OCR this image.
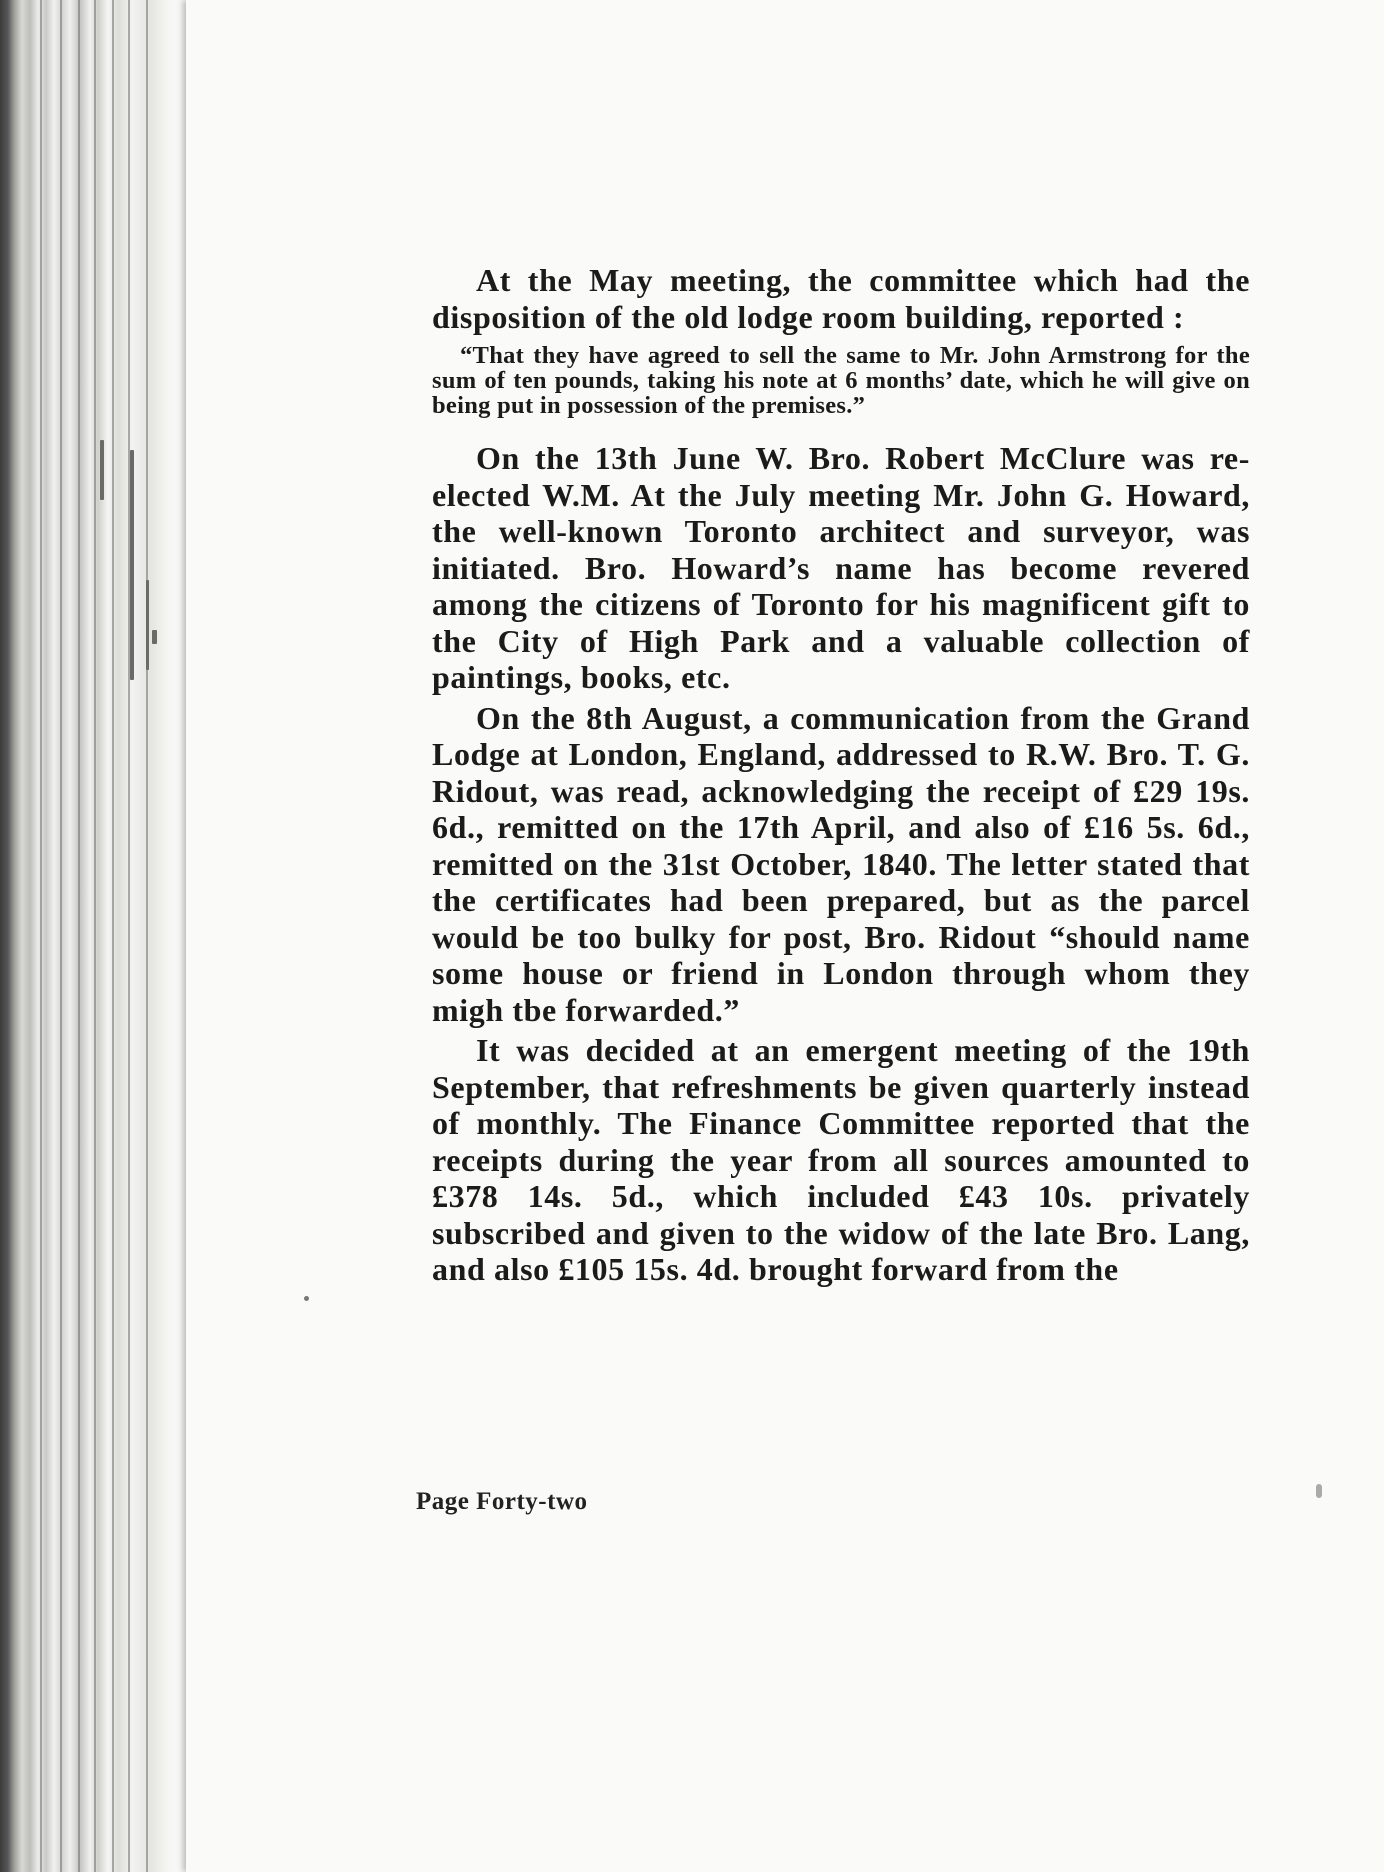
At the May meeting, the committee which had the disposition of the old lodge room building, reported :

“That they have agreed to sell the same to Mr. John Armstrong for the sum of ten pounds, taking his note at 6 months’ date, which he will give on being put in possession of the premises.”

On the 13th June W. Bro. Robert McClure was re-elected W.M. At the July meeting Mr. John G. Howard, the well-known Toronto architect and surveyor, was initiated. Bro. Howard’s name has become revered among the citizens of Toronto for his magnificent gift to the City of High Park and a valuable collection of paintings, books, etc.

On the 8th August, a communication from the Grand Lodge at London, England, addressed to R.W. Bro. T. G. Ridout, was read, acknowledging the receipt of £29 19s. 6d., remitted on the 17th April, and also of £16 5s. 6d., remitted on the 31st October, 1840. The letter stated that the certificates had been prepared, but as the parcel would be too bulky for post, Bro. Ridout “should name some house or friend in London through whom they migh tbe forwarded.”

It was decided at an emergent meeting of the 19th September, that refreshments be given quarterly instead of monthly. The Finance Committee reported that the receipts during the year from all sources amounted to £378 14s. 5d., which included £43 10s. privately subscribed and given to the widow of the late Bro. Lang, and also £105 15s. 4d. brought forward from the

Page Forty-two
